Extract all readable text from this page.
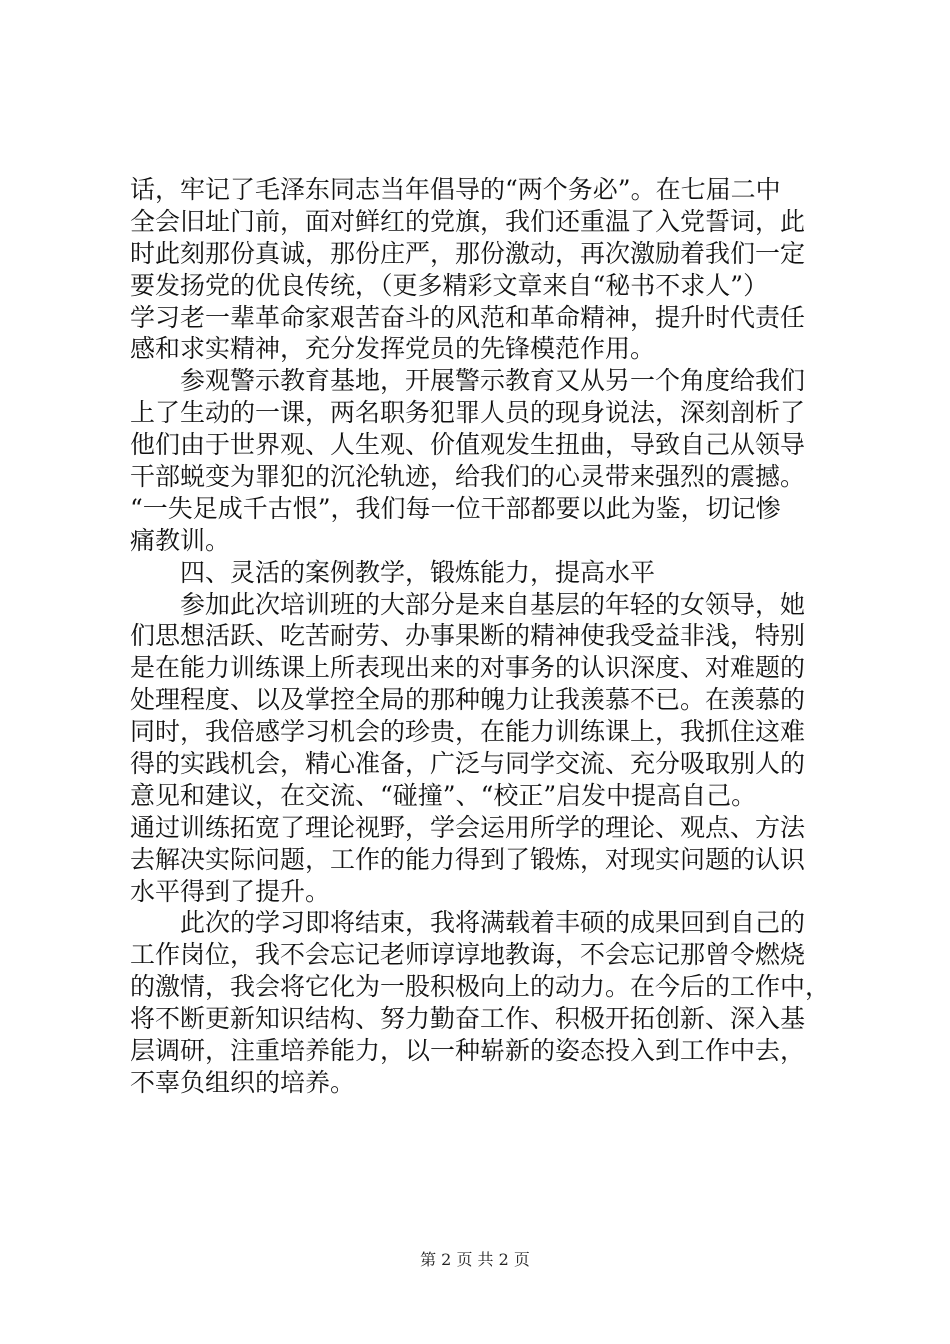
话，牢记了毛泽东同志当年倡导的“两个务必”。在七届二中
全会旧址门前，面对鲜红的党旗，我们还重温了入党誓词，此
时此刻那份真诚，那份庄严，那份激动，再次激励着我们一定
要发扬党的优良传统，（更多精彩文章来自“秘书不求人”）
学习老一辈革命家艰苦奋斗的风范和革命精神，提升时代责任
感和求实精神，充分发挥党员的先锋模范作用。
参观警示教育基地，开展警示教育又从另一个角度给我们
上了生动的一课，两名职务犯罪人员的现身说法，深刻剖析了
他们由于世界观、人生观、价值观发生扭曲，导致自己从领导
干部蜕变为罪犯的沉沦轨迹，给我们的心灵带来强烈的震撼。
“一失足成千古恨”，我们每一位干部都要以此为鉴，切记惨
痛教训。
四、灵活的案例教学，锻炼能力，提高水平
参加此次培训班的大部分是来自基层的年轻的女领导，她
们思想活跃、吃苦耐劳、办事果断的精神使我受益非浅，特别
是在能力训练课上所表现出来的对事务的认识深度、对难题的
处理程度、以及掌控全局的那种魄力让我羡慕不已。在羡慕的
同时，我倍感学习机会的珍贵，在能力训练课上，我抓住这难
得的实践机会，精心准备，广泛与同学交流、充分吸取别人的
意见和建议，在交流、“碰撞”、“校正”启发中提高自己。
通过训练拓宽了理论视野，学会运用所学的理论、观点、方法
去解决实际问题，工作的能力得到了锻炼，对现实问题的认识
水平得到了提升。
此次的学习即将结束，我将满载着丰硕的成果回到自己的
工作岗位，我不会忘记老师谆谆地教诲，不会忘记那曾令燃烧
的激情，我会将它化为一股积极向上的动力。在今后的工作中，
将不断更新知识结构、努力勤奋工作、积极开拓创新、深入基
层调研，注重培养能力，以一种崭新的姿态投入到工作中去，
不辜负组织的培养。
第 2 页 共 2 页
